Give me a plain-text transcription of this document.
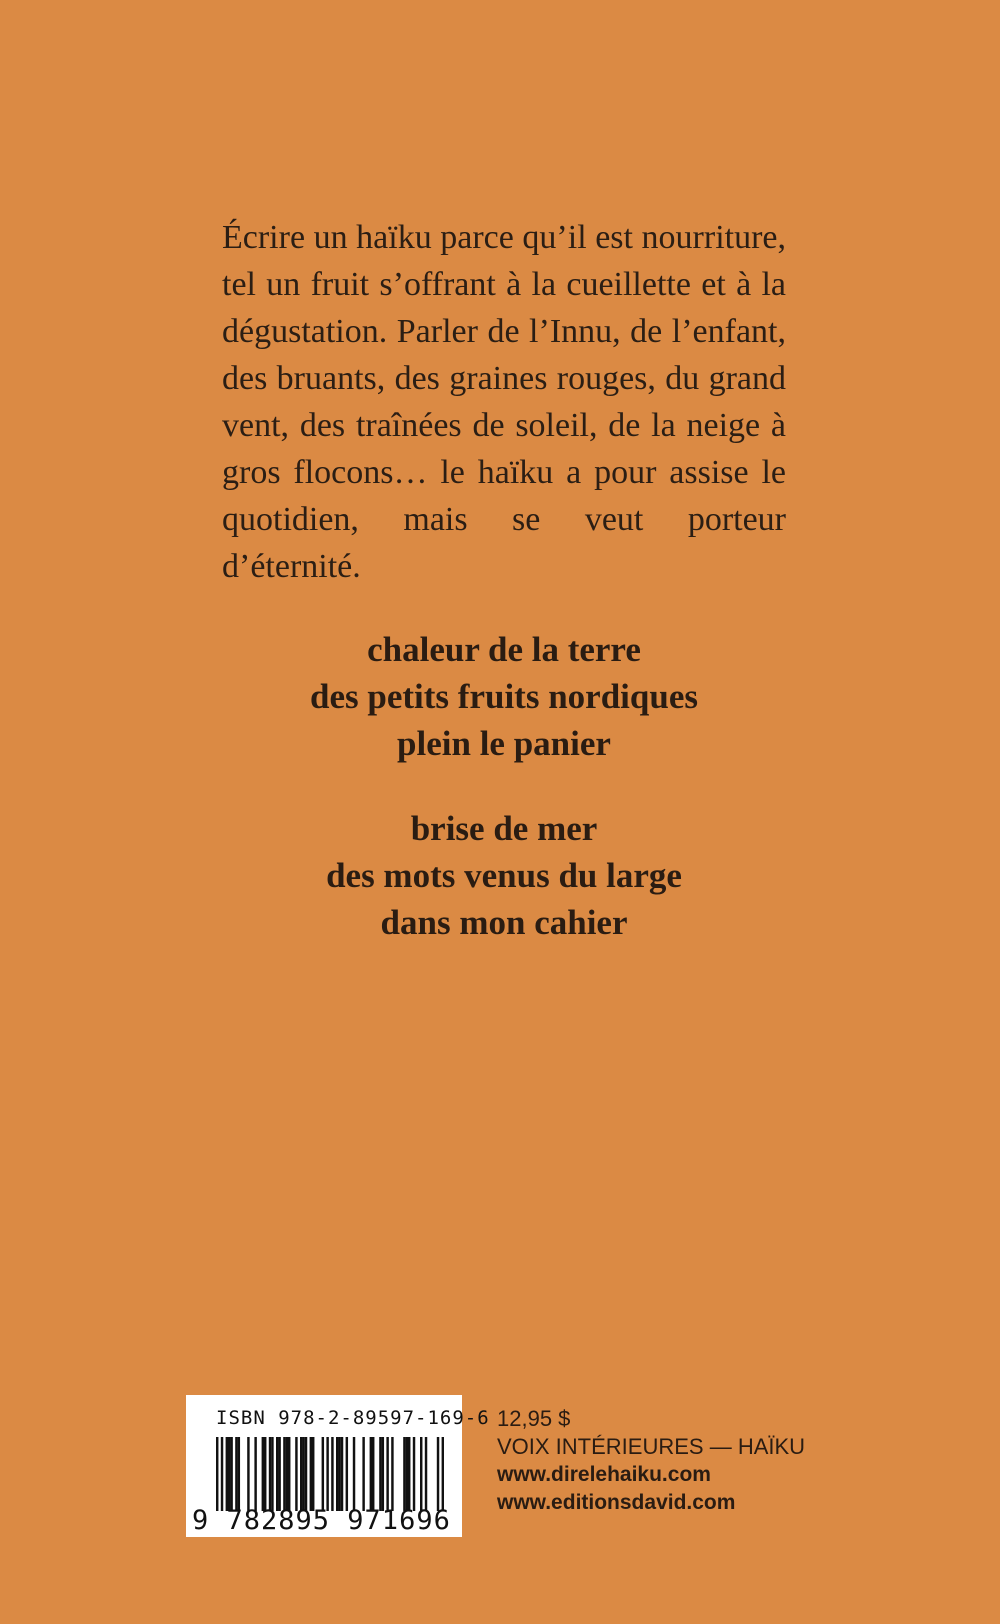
Écrire un haïku parce qu’il est nourriture, tel un fruit s’offrant à la cueillette et à la dégustation. Parler de l’Innu, de l’enfant, des bruants, des graines rouges, du grand vent, des traînées de soleil, de la neige à gros flocons… le haïku a pour assise le quotidien, mais se veut porteur d’éternité.

chaleur de la terre
des petits fruits nordiques
plein le panier
brise de mer
des mots venus du large
dans mon cahier
ISBN 978-2-89597-169-6
9 782895 971696
12,95 $
VOIX INTÉRIEURES — HAÏKU
www.direlehaiku.com
www.editionsdavid.com
